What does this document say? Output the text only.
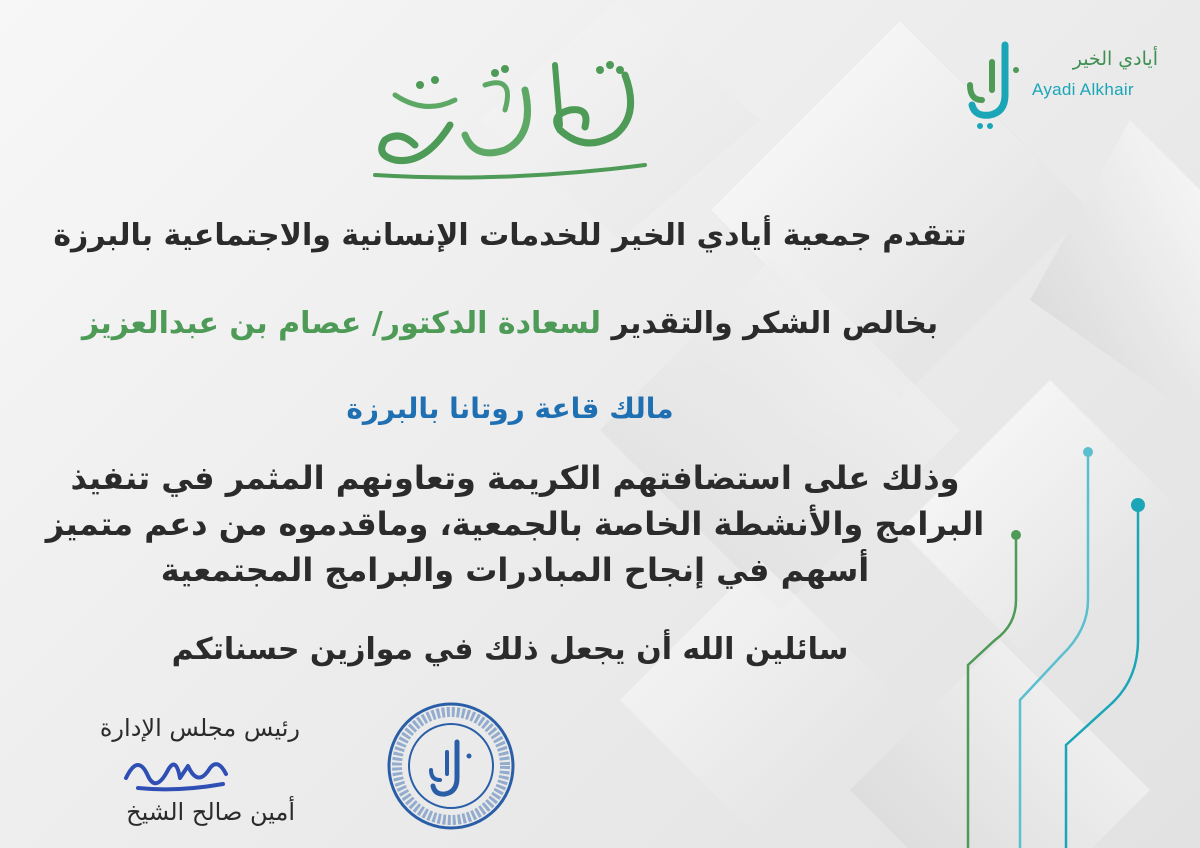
أيادي الخير
Ayadi Alkhair
تتقدم جمعية أيادي الخير للخدمات الإنسانية والاجتماعية بالبرزة
بخالص الشكر والتقدير لسعادة الدكتور/ عصام بن عبدالعزيز
مالك قاعة روتانا بالبرزة
وذلك على استضافتهم الكريمة وتعاونهم المثمر في تنفيذ
البرامج والأنشطة الخاصة بالجمعية، وماقدموه من دعم متميز
أسهم في إنجاح المبادرات والبرامج المجتمعية
سائلين الله أن يجعل ذلك في موازين حسناتكم
رئيس مجلس الإدارة
أمين صالح الشيخ
